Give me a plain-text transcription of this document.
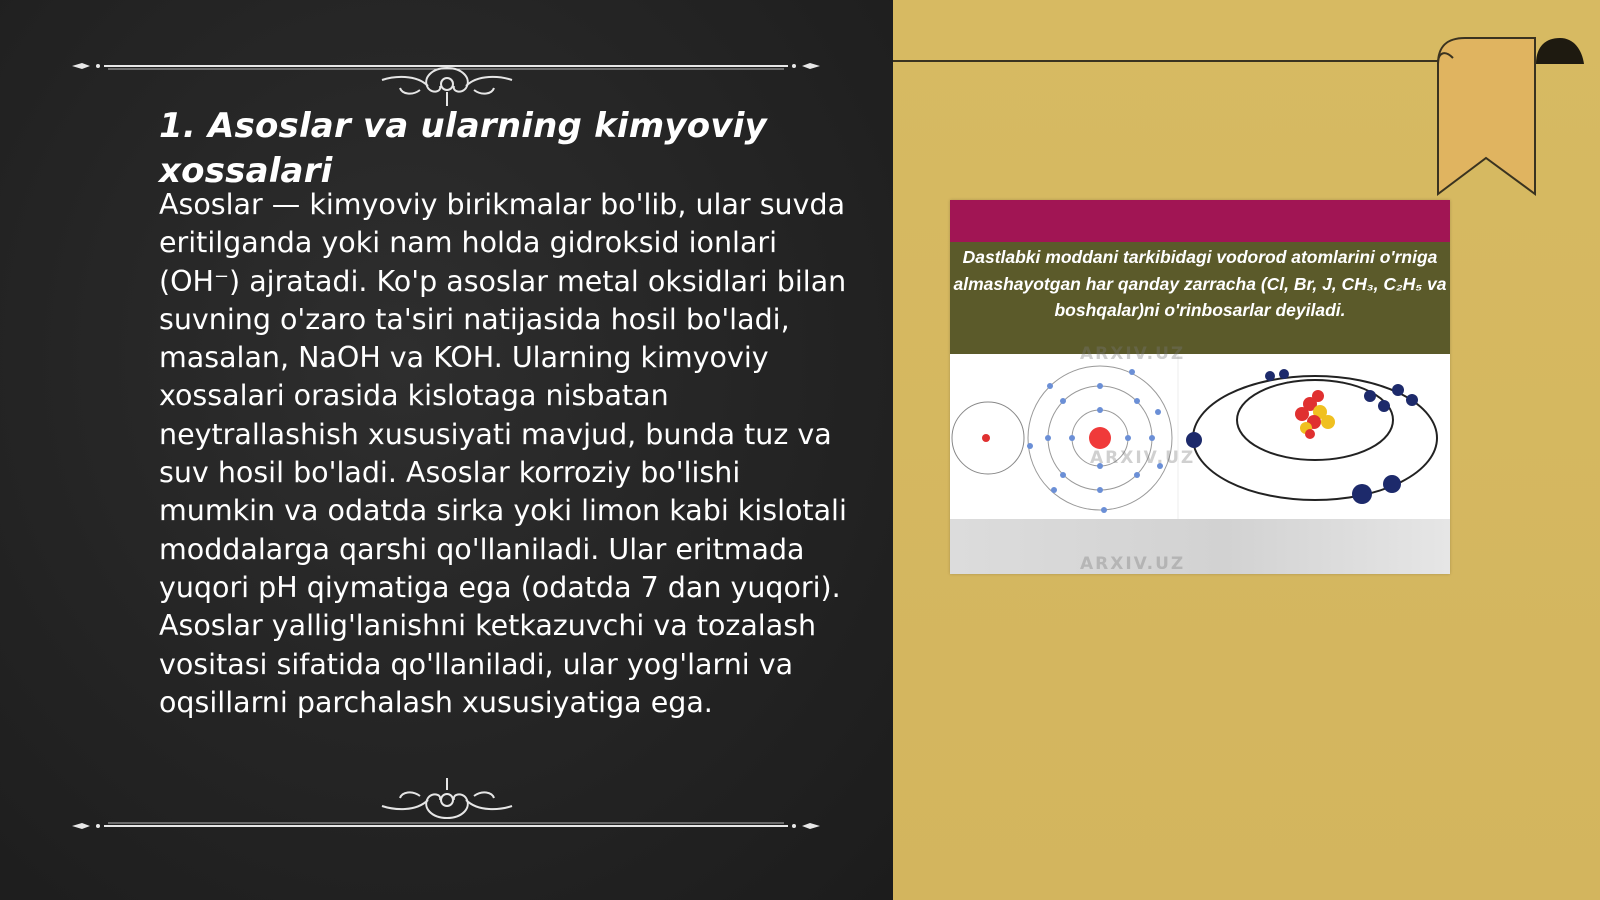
1. Asoslar va ularning kimyoviy xossalari
Asoslar — kimyoviy birikmalar bo'lib, ular suvda eritilganda yoki nam holda gidroksid ionlari (OH⁻) ajratadi. Ko'p asoslar metal oksidlari bilan suvning o'zaro ta'siri natijasida hosil bo'ladi, masalan, NaOH va KOH. Ularning kimyoviy xossalari orasida kislotaga nisbatan neytrallashish xususiyati mavjud, bunda tuz va suv hosil bo'ladi. Asoslar korroziy bo'lishi mumkin va odatda sirka yoki limon kabi kislotali moddalarga qarshi qo'llaniladi. Ular eritmada yuqori pH qiymatiga ega (odatda 7 dan yuqori). Asoslar yallig'lanishni ketkazuvchi va tozalash vositasi sifatida qo'llaniladi, ular yog'larni va oqsillarni parchalash xususiyatiga ega.
Dastlabki moddani tarkibidagi vodorod atomlarini o'rniga almashayotgan har qanday zarracha (Cl, Br, J, CH₃, C₂H₅ va boshqalar)ni o'rinbosarlar deyiladi.
ARXIV.UZ
ARXIV.UZ
ARXIV.UZ
